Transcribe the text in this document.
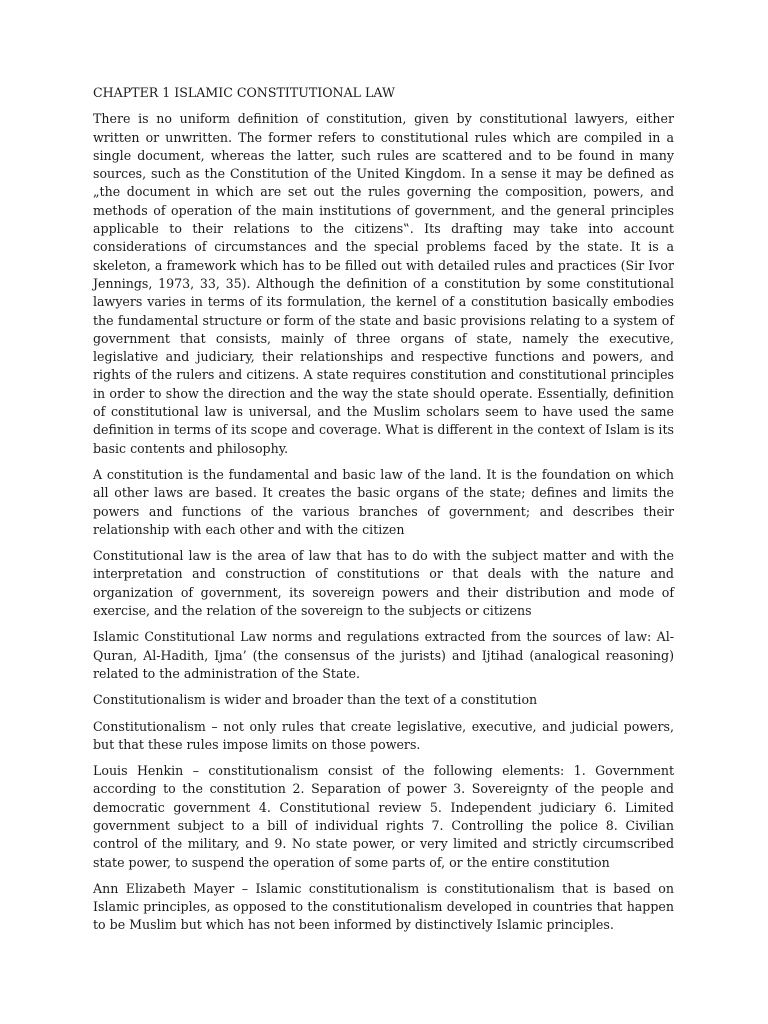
CHAPTER 1 ISLAMIC CONSTITUTIONAL LAW

There is no uniform definition of constitution, given by constitutional lawyers, either written or unwritten. The former refers to constitutional rules which are compiled in a single document, whereas the latter, such rules are scattered and to be found in many sources, such as the Constitution of the United Kingdom. In a sense it may be defined as „the document in which are set out the rules governing the composition, powers, and methods of operation of the main institutions of government, and the general principles applicable to their relations to the citizens‟. Its drafting may take into account considerations of circumstances and the special problems faced by the state. It is a skeleton, a framework which has to be filled out with detailed rules and practices (Sir Ivor Jennings, 1973, 33, 35). Although the definition of a constitution by some constitutional lawyers varies in terms of its formulation, the kernel of a constitution basically embodies the fundamental structure or form of the state and basic provisions relating to a system of government that consists, mainly of three organs of state, namely the executive, legislative and judiciary, their relationships and respective functions and powers, and rights of the rulers and citizens. A state requires constitution and constitutional principles in order to show the direction and the way the state should operate. Essentially, definition of constitutional law is universal, and the Muslim scholars seem to have used the same definition in terms of its scope and coverage. What is different in the context of Islam is its basic contents and philosophy.

A constitution is the fundamental and basic law of the land. It is the foundation on which all other laws are based. It creates the basic organs of the state; defines and limits the powers and functions of the various branches of government; and describes their relationship with each other and with the citizen

Constitutional law is the area of law that has to do with the subject matter and with the interpretation and construction of constitutions or that deals with the nature and organization of government, its sovereign powers and their distribution and mode of exercise, and the relation of the sovereign to the subjects or citizens

Islamic Constitutional Law norms and regulations extracted from the sources of law: Al-Quran, Al-Hadith, Ijma’ (the consensus of the jurists) and Ijtihad (analogical reasoning) related to the administration of the State.

Constitutionalism is wider and broader than the text of a constitution

Constitutionalism – not only rules that create legislative, executive, and judicial powers, but that these rules impose limits on those powers.

Louis Henkin – constitutionalism consist of the following elements: 1. Government according to the constitution 2. Separation of power 3. Sovereignty of the people and democratic government 4. Constitutional review 5. Independent judiciary 6. Limited government subject to a bill of individual rights 7. Controlling the police 8. Civilian control of the military, and 9. No state power, or very limited and strictly circumscribed state power, to suspend the operation of some parts of, or the entire constitution

Ann Elizabeth Mayer – Islamic constitutionalism is constitutionalism that is based on Islamic principles, as opposed to the constitutionalism developed in countries that happen to be Muslim but which has not been informed by distinctively Islamic principles.
